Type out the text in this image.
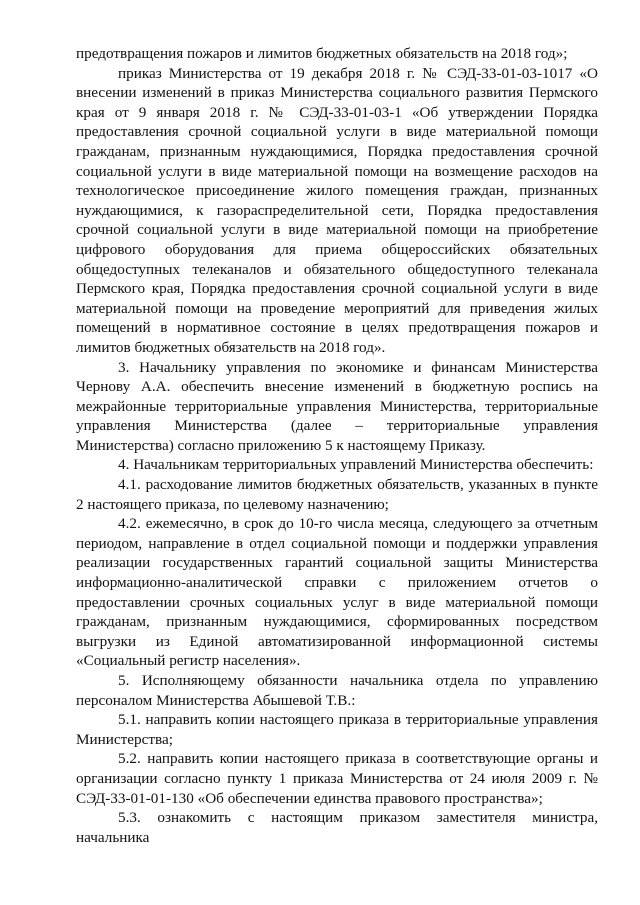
предотвращения пожаров и лимитов бюджетных обязательств на 2018 год»;

приказ Министерства от 19 декабря 2018 г. № СЭД-33-01-03-1017 «О внесении изменений в приказ Министерства социального развития Пермского края от 9 января 2018 г. № СЭД-33-01-03-1 «Об утверждении Порядка предоставления срочной социальной услуги в виде материальной помощи гражданам, признанным нуждающимися, Порядка предоставления срочной социальной услуги в виде материальной помощи на возмещение расходов на технологическое присоединение жилого помещения граждан, признанных нуждающимися, к газораспределительной сети, Порядка предоставления срочной социальной услуги в виде материальной помощи на приобретение цифрового оборудования для приема общероссийских обязательных общедоступных телеканалов и обязательного общедоступного телеканала Пермского края, Порядка предоставления срочной социальной услуги в виде материальной помощи на проведение мероприятий для приведения жилых помещений в нормативное состояние в целях предотвращения пожаров и лимитов бюджетных обязательств на 2018 год».

3. Начальнику управления по экономике и финансам Министерства Чернову А.А. обеспечить внесение изменений в бюджетную роспись на межрайонные территориальные управления Министерства, территориальные управления Министерства (далее – территориальные управления Министерства) согласно приложению 5 к настоящему Приказу.

4. Начальникам территориальных управлений Министерства обеспечить:

4.1. расходование лимитов бюджетных обязательств, указанных в пункте 2 настоящего приказа, по целевому назначению;

4.2. ежемесячно, в срок до 10-го числа месяца, следующего за отчетным периодом, направление в отдел социальной помощи и поддержки управления реализации государственных гарантий социальной защиты Министерства информационно-аналитической справки с приложением отчетов о предоставлении срочных социальных услуг в виде материальной помощи гражданам, признанным нуждающимися, сформированных посредством выгрузки из Единой автоматизированной информационной системы «Социальный регистр населения».

5. Исполняющему обязанности начальника отдела по управлению персоналом Министерства Абышевой Т.В.:

5.1. направить копии настоящего приказа в территориальные управления Министерства;

5.2. направить копии настоящего приказа в соответствующие органы и организации согласно пункту 1 приказа Министерства от 24 июля 2009 г. № СЭД-33-01-01-130 «Об обеспечении единства правового пространства»;

5.3. ознакомить с настоящим приказом заместителя министра, начальника
